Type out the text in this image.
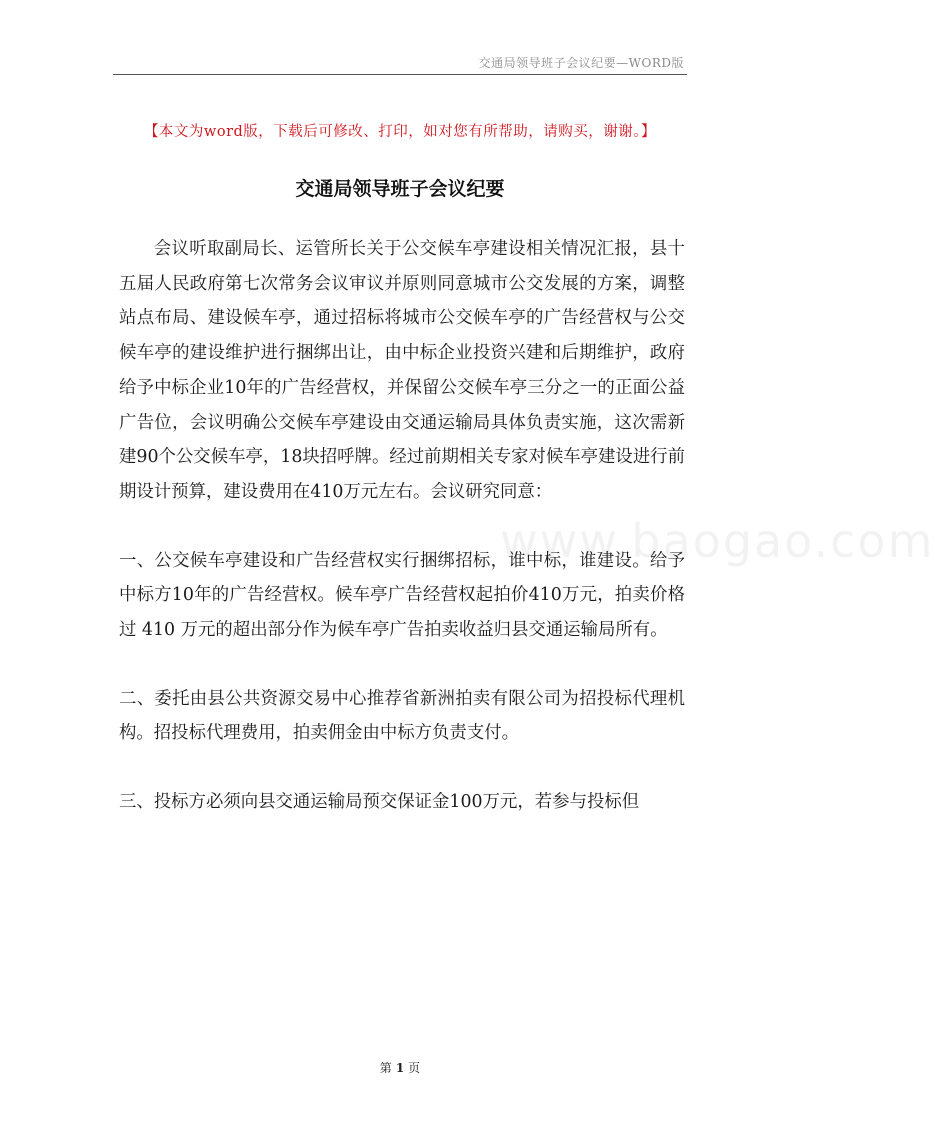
交通局领导班子会议纪要—WORD版
【本文为word版，下载后可修改、打印，如对您有所帮助，请购买，谢谢。】
交通局领导班子会议纪要
www.baogao.com

会议听取副局长、运管所长关于公交候车亭建设相关情况汇报，县十五届人民政府第七次常务会议审议并原则同意城市公交发展的方案，调整站点布局、建设候车亭，通过招标将城市公交候车亭的广告经营权与公交候车亭的建设维护进行捆绑出让，由中标企业投资兴建和后期维护，政府给予中标企业10年的广告经营权，并保留公交候车亭三分之一的正面公益广告位，会议明确公交候车亭建设由交通运输局具体负责实施，这次需新建90个公交候车亭，18块招呼牌。经过前期相关专家对候车亭建设进行前期设计预算，建设费用在410万元左右。会议研究同意：

一、公交候车亭建设和广告经营权实行捆绑招标，谁中标，谁建设。给予中标方10年的广告经营权。候车亭广告经营权起拍价410万元，拍卖价格过 410 万元的超出部分作为候车亭广告拍卖收益归县交通运输局所有。

二、委托由县公共资源交易中心推荐省新洲拍卖有限公司为招投标代理机构。招投标代理费用，拍卖佣金由中标方负责支付。

三、投标方必须向县交通运输局预交保证金100万元，若参与投标但

第 1 页
